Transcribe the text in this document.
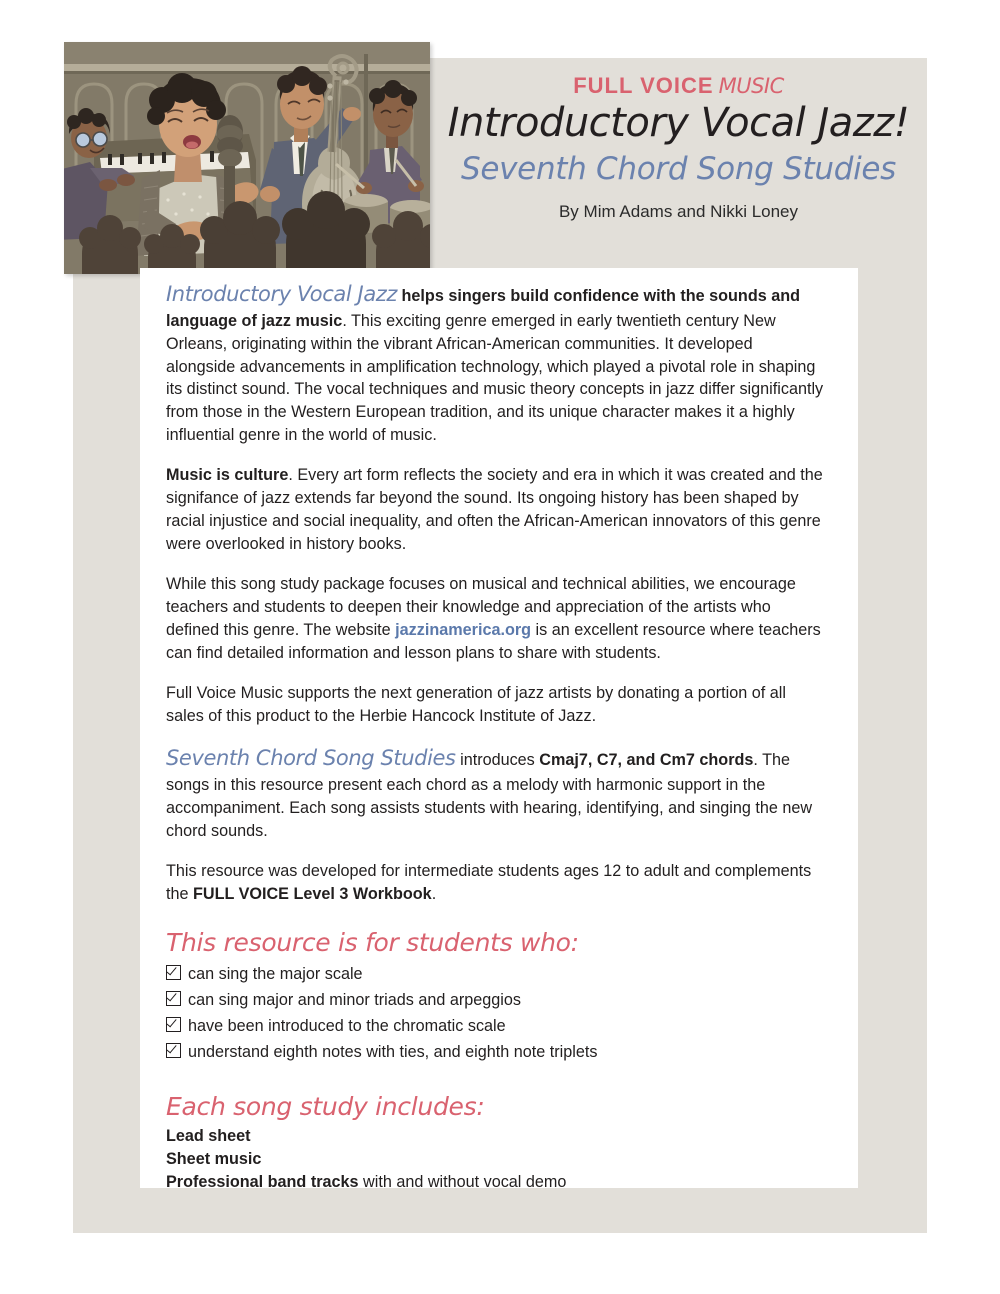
FULL VOICE MUSIC
Introductory Vocal Jazz!
Seventh Chord Song Studies
By Mim Adams and Nikki Loney

Introductory Vocal Jazz helps singers build confidence with the sounds and language of jazz music. This exciting genre emerged in early twentieth century New Orleans, originating within the vibrant African-American communities. It developed alongside advancements in amplification technology, which played a pivotal role in shaping its distinct sound. The vocal techniques and music theory concepts in jazz differ significantly from those in the Western European tradition, and its unique character makes it a highly influential genre in the world of music.

Music is culture. Every art form reflects the society and era in which it was created and the signifance of jazz extends far beyond the sound. Its ongoing history has been shaped by racial injustice and social inequality, and often the African-American innovators of this genre were overlooked in history books.

While this song study package focuses on musical and technical abilities, we encourage teachers and students to deepen their knowledge and appreciation of the artists who defined this genre. The website jazzinamerica.org is an excellent resource where teachers can find detailed information and lesson plans to share with students.

Full Voice Music supports the next generation of jazz artists by donating a portion of all sales of this product to the Herbie Hancock Institute of Jazz.

Seventh Chord Song Studies introduces Cmaj7, C7, and Cm7 chords. The songs in this resource present each chord as a melody with harmonic support in the accompaniment. Each song assists students with hearing, identifying, and singing the new chord sounds.

This resource was developed for intermediate students ages 12 to adult and complements the FULL VOICE Level 3 Workbook.

This resource is for students who:
can sing the major scale
can sing major and minor triads and arpeggios
have been introduced to the chromatic scale
understand eighth notes with ties, and eighth note triplets
Each song study includes:
Lead sheet
Sheet music
Professional band tracks with and without vocal demo
